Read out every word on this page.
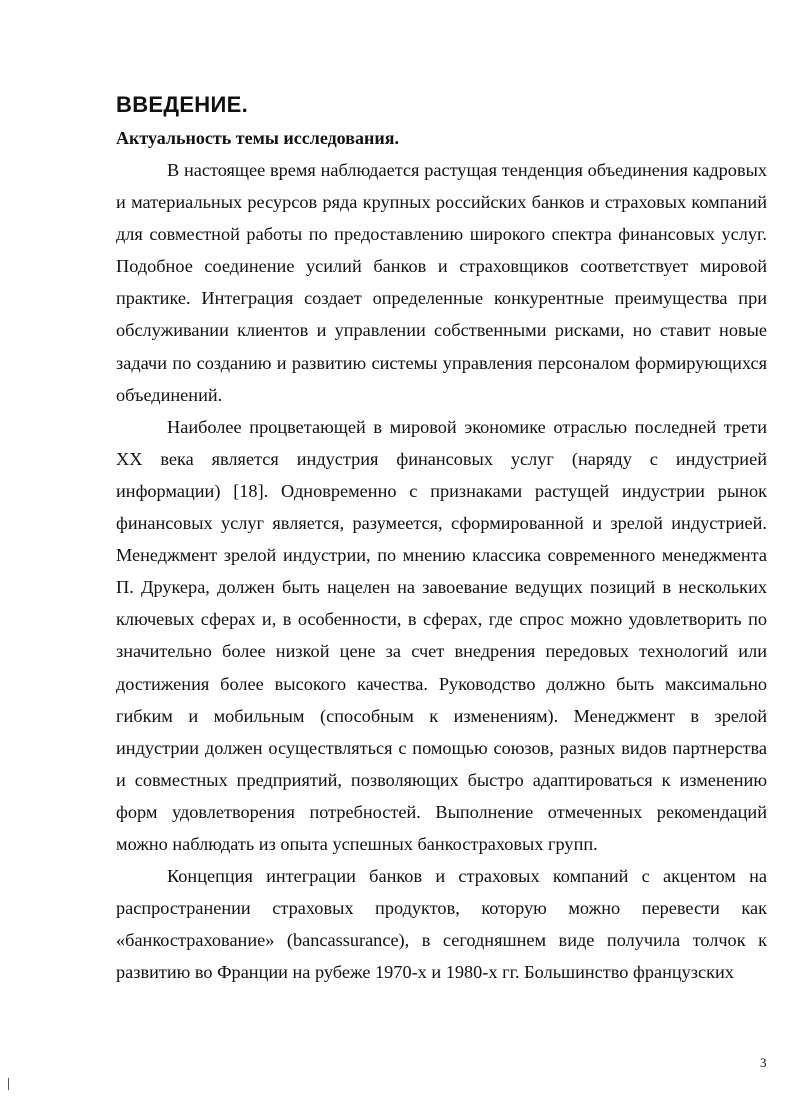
ВВЕДЕНИЕ.
Актуальность темы исследования.

В настоящее время наблюдается растущая тенденция объединения кадровых и материальных ресурсов ряда крупных российских банков и страховых компаний для совместной работы по предоставлению широкого спектра финансовых услуг. Подобное соединение усилий банков и страховщиков соответствует мировой практике. Интеграция создает определенные конкурентные преимущества при обслуживании клиентов и управлении собственными рисками, но ставит новые задачи по созданию и развитию системы управления персоналом формирующихся объединений.

Наиболее процветающей в мировой экономике отраслью последней трети XX века является индустрия финансовых услуг (наряду с индустрией информации) [18]. Одновременно с признаками растущей индустрии рынок финансовых услуг является, разумеется, сформированной и зрелой индустрией. Менеджмент зрелой индустрии, по мнению классика современного менеджмента П. Друкера, должен быть нацелен на завоевание ведущих позиций в нескольких ключевых сферах и, в особенности, в сферах, где спрос можно удовлетворить по значительно более низкой цене за счет внедрения передовых технологий или достижения более высокого качества. Руководство должно быть максимально гибким и мобильным (способным к изменениям). Менеджмент в зрелой индустрии должен осуществляться с помощью союзов, разных видов партнерства и совместных предприятий, позволяющих быстро адаптироваться к изменению форм удовлетворения потребностей. Выполнение отмеченных рекомендаций можно наблюдать из опыта успешных банкостраховых групп.

Концепция интеграции банков и страховых компаний с акцентом на распространении страховых продуктов, которую можно перевести как «банкострахование» (bancassurance), в сегодняшнем виде получила толчок к развитию во Франции на рубеже 1970-х и 1980-х гг. Большинство французских

3
